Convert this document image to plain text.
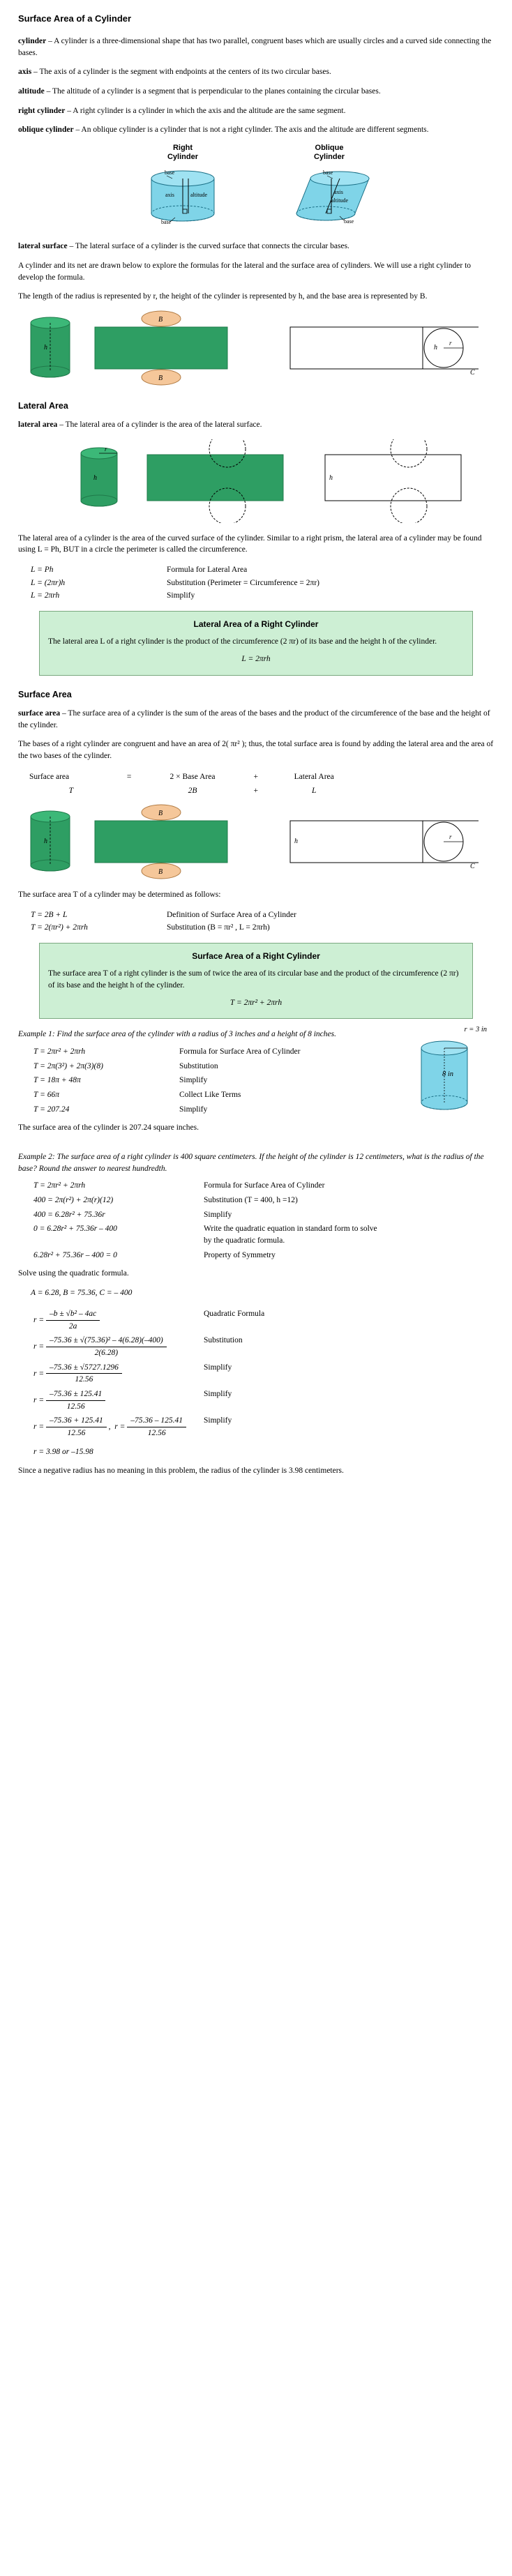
Surface Area of a Cylinder

cylinder – A cylinder is a three-dimensional shape that has two parallel, congruent bases which are usually circles and a curved side connecting the bases.

axis – The axis of a cylinder is the segment with endpoints at the centers of its two circular bases.

altitude – The altitude of a cylinder is a segment that is perpendicular to the planes containing the circular bases.

right cylinder – A right cylinder is a cylinder in which the axis and the altitude are the same segment.

oblique cylinder – An oblique cylinder is a cylinder that is not a right cylinder. The axis and the altitude are different segments.

Right
Cylinder
base
axis	altitude
base
Oblique
Cylinder
base
axis
altitude
base

lateral surface – The lateral surface of a cylinder is the curved surface that connects the circular bases.

A cylinder and its net are drawn below to explore the formulas for the lateral and the surface area of cylinders. We will use a right cylinder to develop the formula.

The length of the radius is represented by r, the height of the cylinder is represented by h, and the base area is represented by B.

h
B
B
r
C
h
Lateral Area

lateral area – The lateral area of a cylinder is the area of the lateral surface.

r
h	h

The lateral area of a cylinder is the area of the curved surface of the cylinder. Similar to a right prism, the lateral area of a cylinder may be found using L = Ph, BUT in a circle the perimeter is called the circumference.

L = Ph	Formula for Lateral Area
L = (2πr)h	Substitution (Perimeter = Circumference = 2πr)
L = 2πrh	Simplify
Lateral Area of a Right Cylinder

The lateral area L of a right cylinder is the product of the circumference (2 πr) of its base and the height h of the cylinder.

L = 2πrh
Surface Area

surface area – The surface area of a cylinder is the sum of the areas of the bases and the product of the circumference of the base and the height of the cylinder.

The bases of a right cylinder are congruent and have an area of 2( πr² ); thus, the total surface area is found by adding the lateral area and the area of the two bases of the cylinder.

Surface area	=	2 × Base Area	+	Lateral Area
T		2B	+	L
h
B
B
r
C
h

The surface area T of a cylinder may be determined as follows:

T = 2B + L	Definition of Surface Area of a Cylinder
T = 2(πr²) + 2πrh	Substitution (B = πr² , L = 2πrh)
Surface Area of a Right Cylinder

The surface area T of a right cylinder is the sum of twice the area of its circular base and the product of the circumference (2 πr) of its base and the height h of the cylinder.

T = 2πr² + 2πrh
r = 3 in
8 in

Example 1: Find the surface area of the cylinder with a radius of 3 inches and a height of 8 inches.

T = 2πr² + 2πrh	Formula for Surface Area of Cylinder
T = 2π(3²) + 2π(3)(8)	Substitution
T = 18π + 48π	Simplify
T = 66π	Collect Like Terms
T = 207.24	Simplify

The surface area of the cylinder is 207.24 square inches.

Example 2: The surface area of a right cylinder is 400 square centimeters. If the height of the cylinder is 12 centimeters, what is the radius of the base? Round the answer to nearest hundredth.

T = 2πr² + 2πrh	Formula for Surface Area of Cylinder
400 = 2π(r²) + 2π(r)(12)	Substitution (T = 400, h =12)
400 = 6.28r² + 75.36r	Simplify
0 = 6.28r² + 75.36r – 400	Write the quadratic equation in standard form to solve by the quadratic formula.
6.28r² + 75.36r – 400 = 0	Property of Symmetry

Solve using the quadratic formula.

A = 6.28, B = 75.36, C = – 400

$r = \frac{\text{–b ± √b² – 4ac}}{2a}$	Quadratic Formula
$r = \frac{\text{–75.36 ± √(75.36)² – 4(6.28)(–400)}}{2(6.28)}$	Substitution
$r = \frac{-75.36 \pm √5727.1296}{12.56}$	Simplify
$r = \frac{-75.36 \pm 125.41}{12.56}$	Simplify
$r = \frac{-75.36 + 125.41}{12.56}$ ,  $r = \frac{-75.36 - 125.41}{12.56}$	Simplify

r = 3.98 or –15.98

Since a negative radius has no meaning in this problem, the radius of the cylinder is 3.98 centimeters.
